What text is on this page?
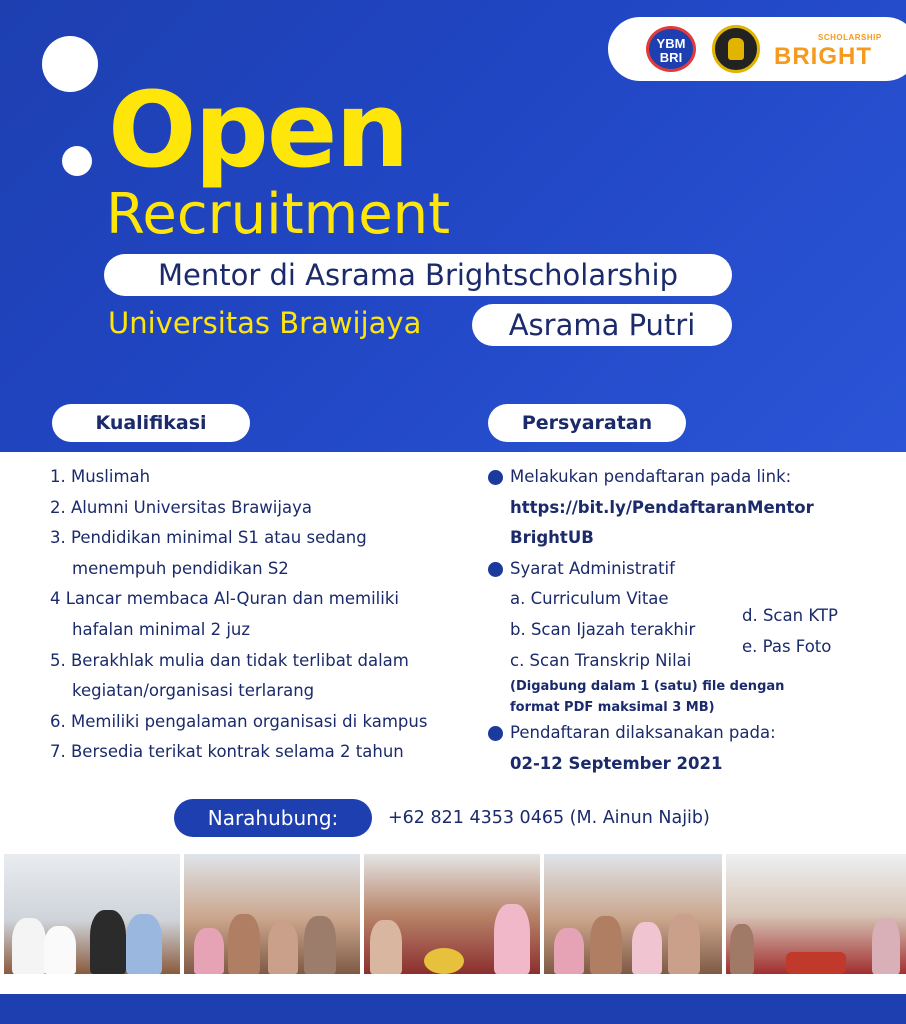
YBM
BRI
SCHOLARSHIP
BRIGHT
Open
Recruitment
Mentor di Asrama Brightscholarship
Universitas Brawijaya	Asrama Putri
Kualifikasi	Persyaratan
1. Muslimah
2. Alumni Universitas Brawijaya
3. Pendidikan minimal S1 atau sedang
menempuh pendidikan S2
4 Lancar membaca Al-Quran dan memiliki
hafalan minimal 2 juz
5. Berakhlak mulia dan tidak terlibat dalam
kegiatan/organisasi terlarang
6. Memiliki pengalaman organisasi di kampus
7. Bersedia terikat kontrak selama 2 tahun
Melakukan pendaftaran pada link:
https://bit.ly/PendaftaranMentor
BrightUB
Syarat Administratif
a. Curriculum Vitae
b. Scan Ijazah terakhir
c. Scan Transkrip Nilai
(Digabung dalam 1 (satu) file dengan
format PDF maksimal 3 MB)
Pendaftaran dilaksanakan pada:
02-12 September 2021
d. Scan KTP
e. Pas Foto
Narahubung:	+62 821 4353 0465 (M. Ainun Najib)
